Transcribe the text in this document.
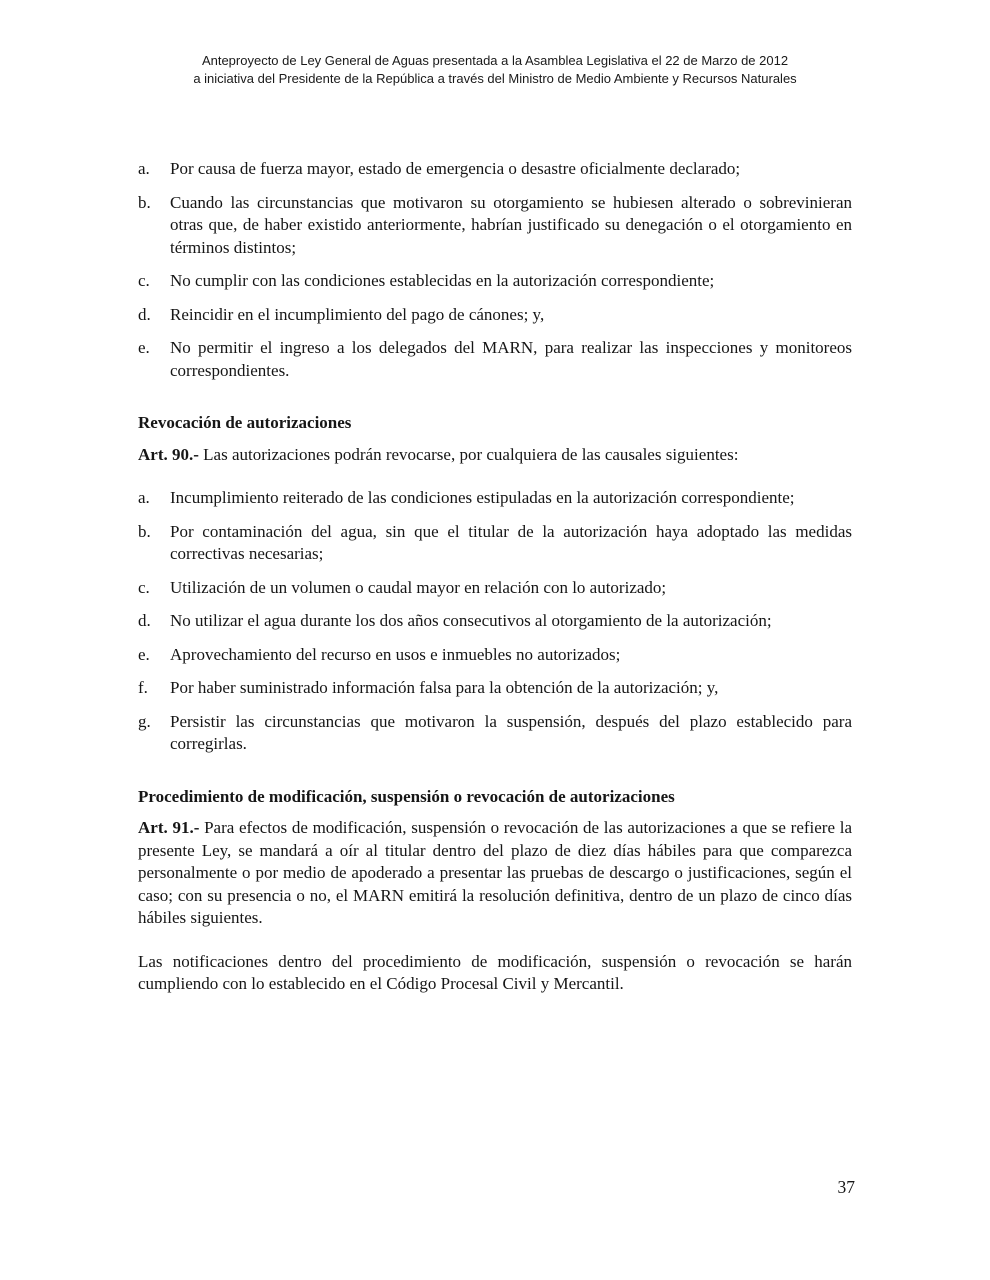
Anteproyecto de Ley General de Aguas presentada a la Asamblea Legislativa el 22 de Marzo de 2012
a iniciativa del Presidente de la República a través del Ministro de Medio Ambiente y Recursos Naturales
a. Por causa de fuerza mayor, estado de emergencia o desastre oficialmente declarado;
b. Cuando las circunstancias que motivaron su otorgamiento se hubiesen alterado o sobrevinieran otras que, de haber existido anteriormente, habrían justificado su denegación o el otorgamiento en términos distintos;
c. No cumplir con las condiciones establecidas en la autorización correspondiente;
d. Reincidir en el incumplimiento del pago de cánones; y,
e. No permitir el ingreso a los delegados del MARN, para realizar las inspecciones y monitoreos correspondientes.
Revocación de autorizaciones
Art. 90.- Las autorizaciones podrán revocarse, por cualquiera de las causales siguientes:
a. Incumplimiento reiterado de las condiciones estipuladas en la autorización correspondiente;
b. Por contaminación del agua, sin que el titular de la autorización haya adoptado las medidas correctivas necesarias;
c. Utilización de un volumen o caudal mayor en relación con lo autorizado;
d. No utilizar el agua durante los dos años consecutivos al otorgamiento de la autorización;
e. Aprovechamiento del recurso en usos e inmuebles no autorizados;
f. Por haber suministrado información falsa para la obtención de la autorización; y,
g. Persistir las circunstancias que motivaron la suspensión, después del plazo establecido para corregirlas.
Procedimiento de modificación, suspensión o revocación de autorizaciones
Art. 91.- Para efectos de modificación, suspensión o revocación de las autorizaciones a que se refiere la presente Ley, se mandará a oír al titular dentro del plazo de diez días hábiles para que comparezca personalmente o por medio de apoderado a presentar las pruebas de descargo o justificaciones, según el caso; con su presencia o no, el MARN emitirá la resolución definitiva, dentro de un plazo de cinco días hábiles siguientes.
Las notificaciones dentro del procedimiento de modificación, suspensión o revocación se harán cumpliendo con lo establecido en el Código Procesal Civil y Mercantil.
37
